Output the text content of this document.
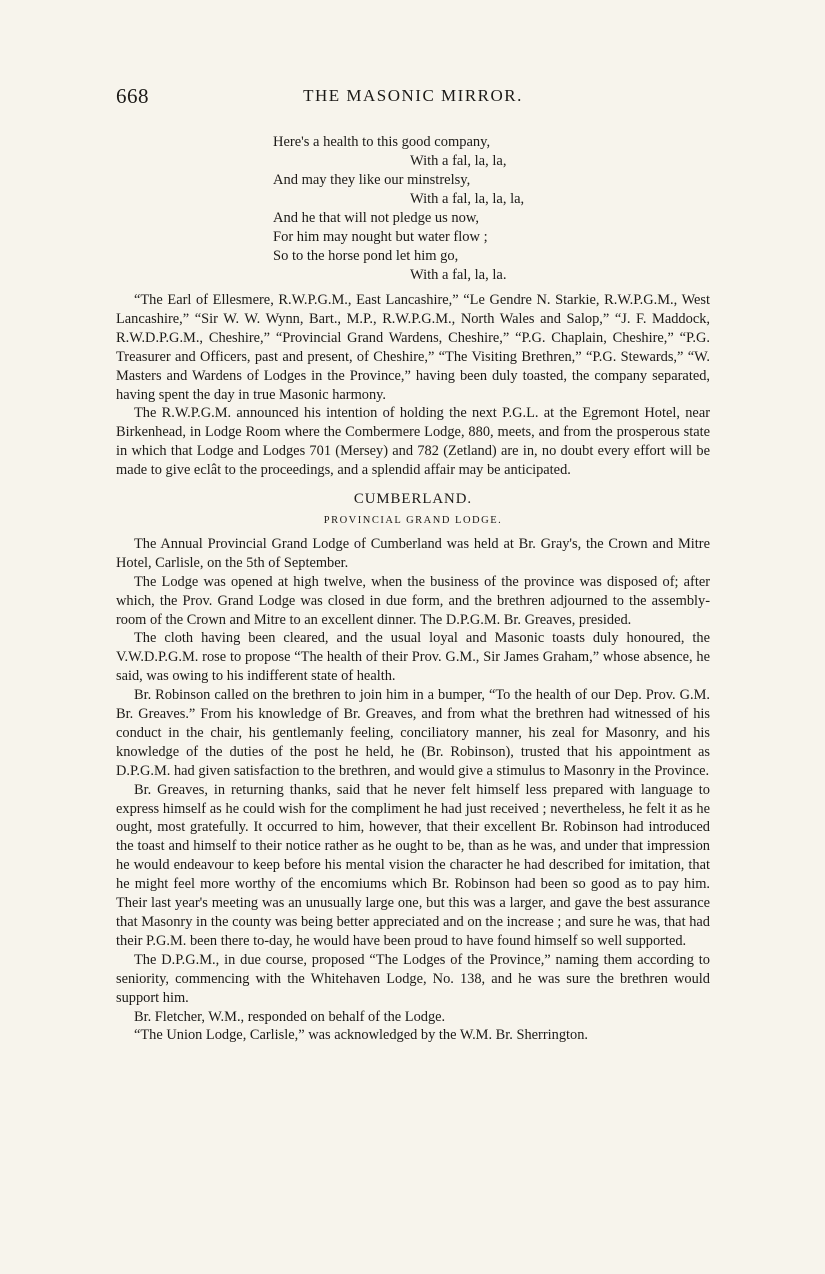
668	THE MASONIC MIRROR.
Here's a health to this good company,
With a fal, la, la,
And may they like our minstrelsy,
With a fal, la, la, la,
And he that will not pledge us now,
For him may nought but water flow ;
So to the horse pond let him go,
With a fal, la, la.

“The Earl of Ellesmere, R.W.P.G.M., East Lancashire,” “Le Gendre N. Starkie, R.W.P.G.M., West Lancashire,” “Sir W. W. Wynn, Bart., M.P., R.W.P.G.M., North Wales and Salop,” “J. F. Maddock, R.W.D.P.G.M., Cheshire,” “Provincial Grand Wardens, Cheshire,” “P.G. Chaplain, Cheshire,” “P.G. Treasurer and Officers, past and present, of Cheshire,” “The Visiting Brethren,” “P.G. Stewards,” “W. Masters and Wardens of Lodges in the Province,” having been duly toasted, the company separated, having spent the day in true Masonic harmony.

The R.W.P.G.M. announced his intention of holding the next P.G.L. at the Egremont Hotel, near Birkenhead, in Lodge Room where the Combermere Lodge, 880, meets, and from the prosperous state in which that Lodge and Lodges 701 (Mersey) and 782 (Zetland) are in, no doubt every effort will be made to give eclât to the proceedings, and a splendid affair may be anticipated.

CUMBERLAND.

PROVINCIAL GRAND LODGE.

The Annual Provincial Grand Lodge of Cumberland was held at Br. Gray's, the Crown and Mitre Hotel, Carlisle, on the 5th of September.

The Lodge was opened at high twelve, when the business of the province was disposed of; after which, the Prov. Grand Lodge was closed in due form, and the brethren adjourned to the assembly-room of the Crown and Mitre to an excellent dinner. The D.P.G.M. Br. Greaves, presided.

The cloth having been cleared, and the usual loyal and Masonic toasts duly honoured, the V.W.D.P.G.M. rose to propose “The health of their Prov. G.M., Sir James Graham,” whose absence, he said, was owing to his indifferent state of health.

Br. Robinson called on the brethren to join him in a bumper, “To the health of our Dep. Prov. G.M. Br. Greaves.” From his knowledge of Br. Greaves, and from what the brethren had witnessed of his conduct in the chair, his gentlemanly feeling, conciliatory manner, his zeal for Masonry, and his knowledge of the duties of the post he held, he (Br. Robinson), trusted that his appointment as D.P.G.M. had given satisfaction to the brethren, and would give a stimulus to Masonry in the Province.

Br. Greaves, in returning thanks, said that he never felt himself less prepared with language to express himself as he could wish for the compliment he had just received ; nevertheless, he felt it as he ought, most gratefully. It occurred to him, however, that their excellent Br. Robinson had introduced the toast and himself to their notice rather as he ought to be, than as he was, and under that impression he would endeavour to keep before his mental vision the character he had described for imitation, that he might feel more worthy of the encomiums which Br. Robinson had been so good as to pay him. Their last year's meeting was an unusually large one, but this was a larger, and gave the best assurance that Masonry in the county was being better appreciated and on the increase ; and sure he was, that had their P.G.M. been there to-day, he would have been proud to have found himself so well supported.

The D.P.G.M., in due course, proposed “The Lodges of the Province,” naming them according to seniority, commencing with the Whitehaven Lodge, No. 138, and he was sure the brethren would support him.

Br. Fletcher, W.M., responded on behalf of the Lodge.

“The Union Lodge, Carlisle,” was acknowledged by the W.M. Br. Sherrington.
